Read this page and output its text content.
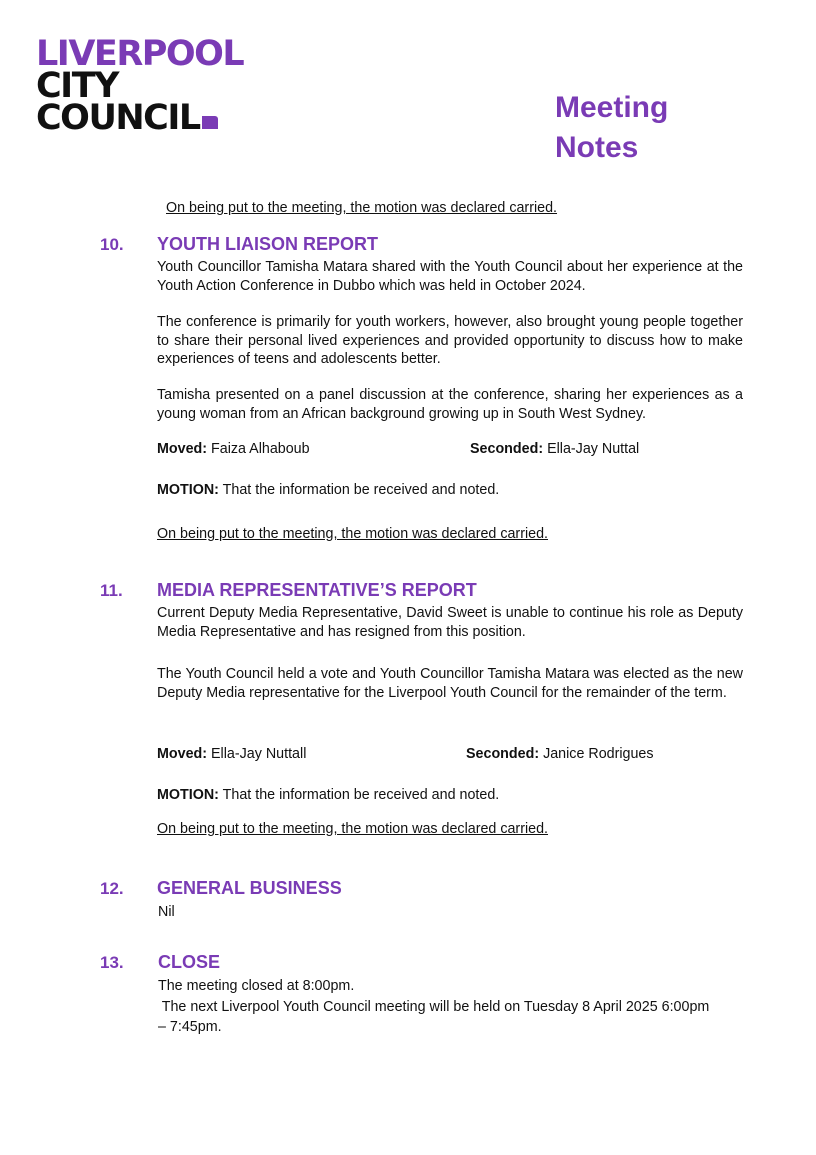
LIVERPOOL
CITY
COUNCIL	Meeting
Notes
On being put to the meeting, the motion was declared carried.
10. YOUTH LIAISON REPORT
Youth Councillor Tamisha Matara shared with the Youth Council about her experience at the Youth Action Conference in Dubbo which was held in October 2024.
The conference is primarily for youth workers, however, also brought young people together to share their personal lived experiences and provided opportunity to discuss how to make experiences of teens and adolescents better.
Tamisha presented on a panel discussion at the conference, sharing her experiences as a young woman from an African background growing up in South West Sydney.
Moved: Faiza Alhaboub	Seconded: Ella-Jay Nuttal
MOTION: That the information be received and noted.
On being put to the meeting, the motion was declared carried.
11. MEDIA REPRESENTATIVE’S REPORT
Current Deputy Media Representative, David Sweet is unable to continue his role as Deputy Media Representative and has resigned from this position.
The Youth Council held a vote and Youth Councillor Tamisha Matara was elected as the new Deputy Media representative for the Liverpool Youth Council for the remainder of the term.
Moved: Ella-Jay Nuttall	Seconded: Janice Rodrigues
MOTION: That the information be received and noted.
On being put to the meeting, the motion was declared carried.
12. GENERAL BUSINESS
Nil
13. CLOSE
The meeting closed at 8:00pm.
The next Liverpool Youth Council meeting will be held on Tuesday 8 April 2025 6:00pm
– 7:45pm.
